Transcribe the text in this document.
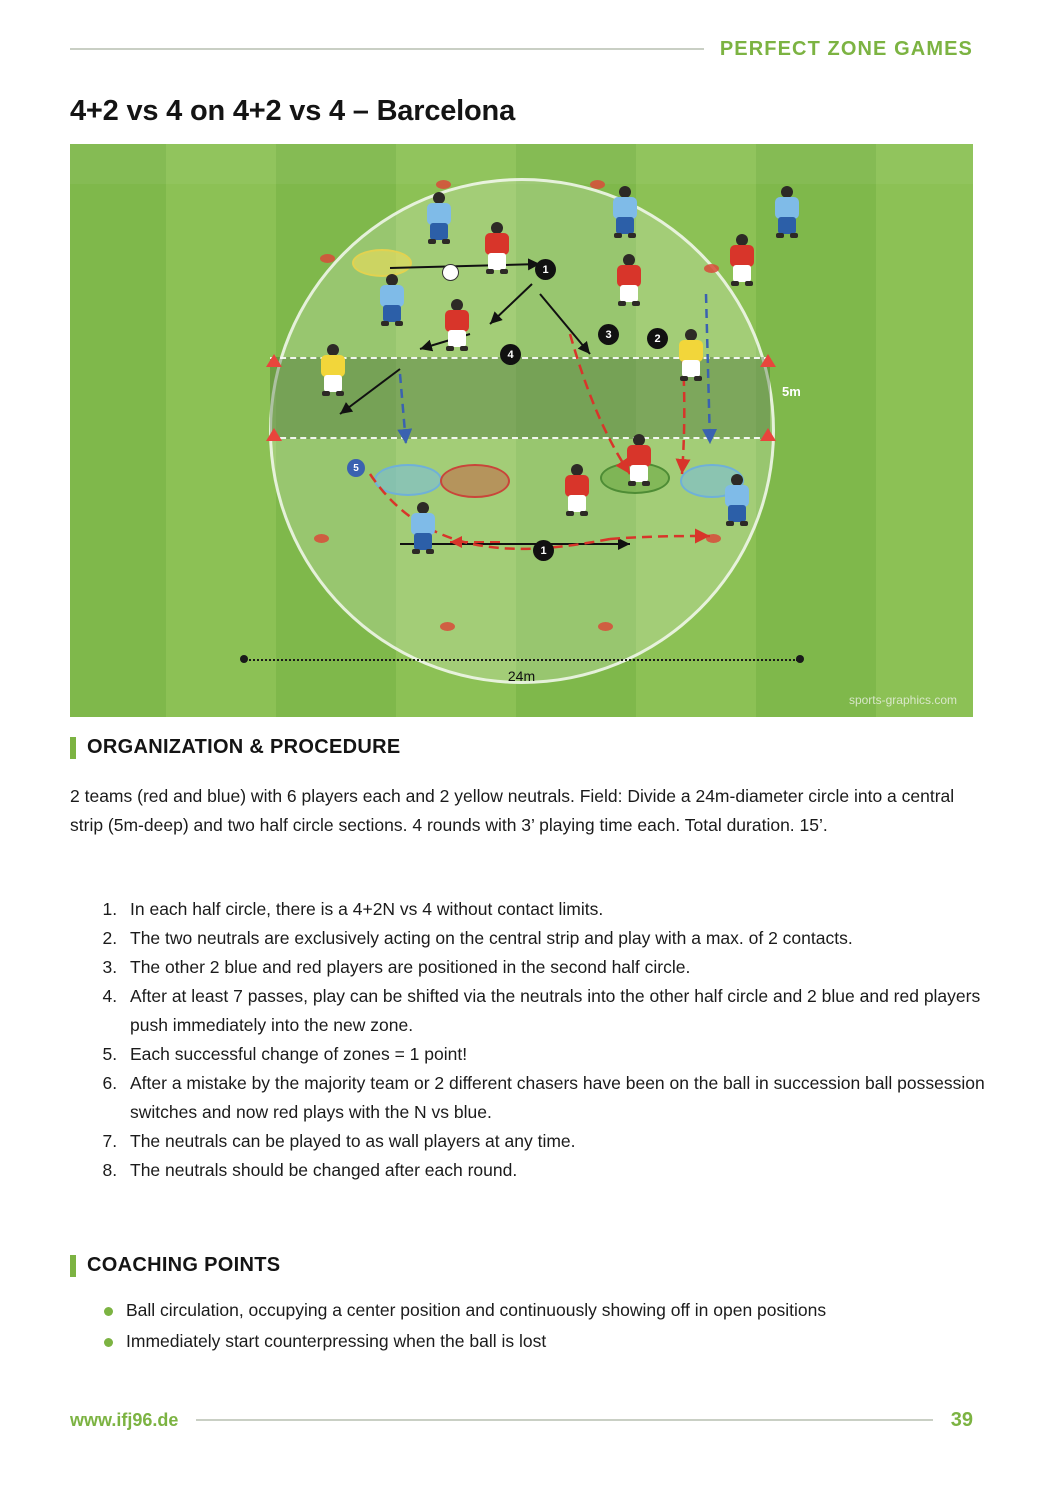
PERFECT ZONE GAMES
4+2 vs 4 on 4+2 vs 4 – Barcelona
1
2
3
4
5
1
5m
24m
sports-graphics.com
ORGANIZATION & PROCEDURE
2 teams (red and blue) with 6 players each and 2 yellow neutrals. Field: Divide a 24m-diameter circle into a central strip (5m-deep) and two half circle sections. 4 rounds with 3’ playing time each. Total duration. 15’.
1. In each half circle, there is a 4+2N vs 4 without contact limits.
2. The two neutrals are exclusively acting on the central strip and play with a max. of 2 contacts.
3. The other 2 blue and red players are positioned in the second half circle.
4. After at least 7 passes, play can be shifted via the neutrals into the other half circle and 2 blue and red players push immediately into the new zone.
5. Each successful change of zones = 1 point!
6. After a mistake by the majority team or 2 different chasers have been on the ball in succession ball possession switches and now red plays with the N vs blue.
7. The neutrals can be played to as wall players at any time.
8. The neutrals should be changed after each round.
COACHING POINTS
Ball circulation, occupying a center position and continuously showing off in open positions
Immediately start counterpressing when the ball is lost
www.ifj96.de	39
